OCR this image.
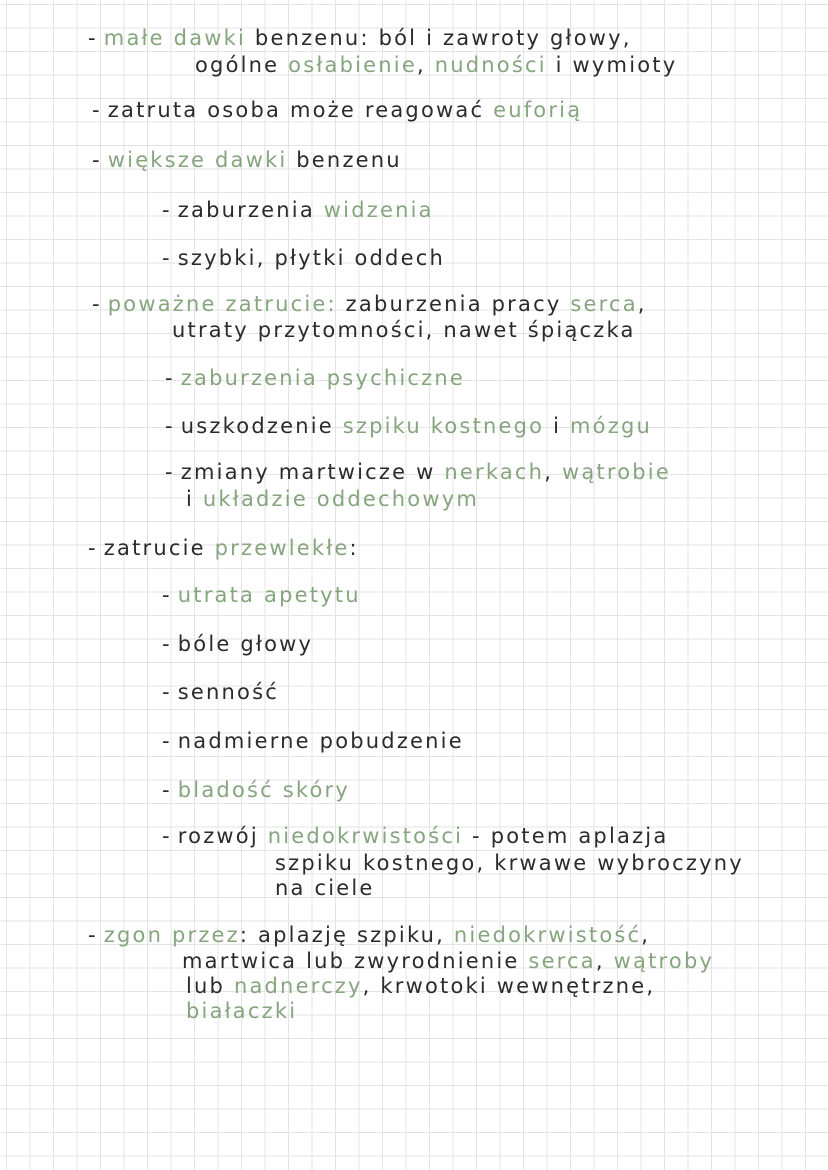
- małe dawki benzenu: ból i zawroty głowy,
ogólne osłabienie, nudności i wymioty
- zatruta osoba może reagować euforią
- większe dawki benzenu
- zaburzenia widzenia
- szybki, płytki oddech
- poważne zatrucie: zaburzenia pracy serca,
utraty przytomności, nawet śpiączka
- zaburzenia psychiczne
- uszkodzenie szpiku kostnego i mózgu
- zmiany martwicze w nerkach, wątrobie
i układzie oddechowym
- zatrucie przewlekłe:
- utrata apetytu
- bóle głowy
- senność
- nadmierne pobudzenie
- bladość skóry
- rozwój niedokrwistości - potem aplazja
szpiku kostnego, krwawe wybroczyny
na ciele
- zgon przez: aplazję szpiku, niedokrwistość,
martwica lub zwyrodnienie serca, wątroby
lub nadnerczy, krwotoki wewnętrzne,
białaczki
